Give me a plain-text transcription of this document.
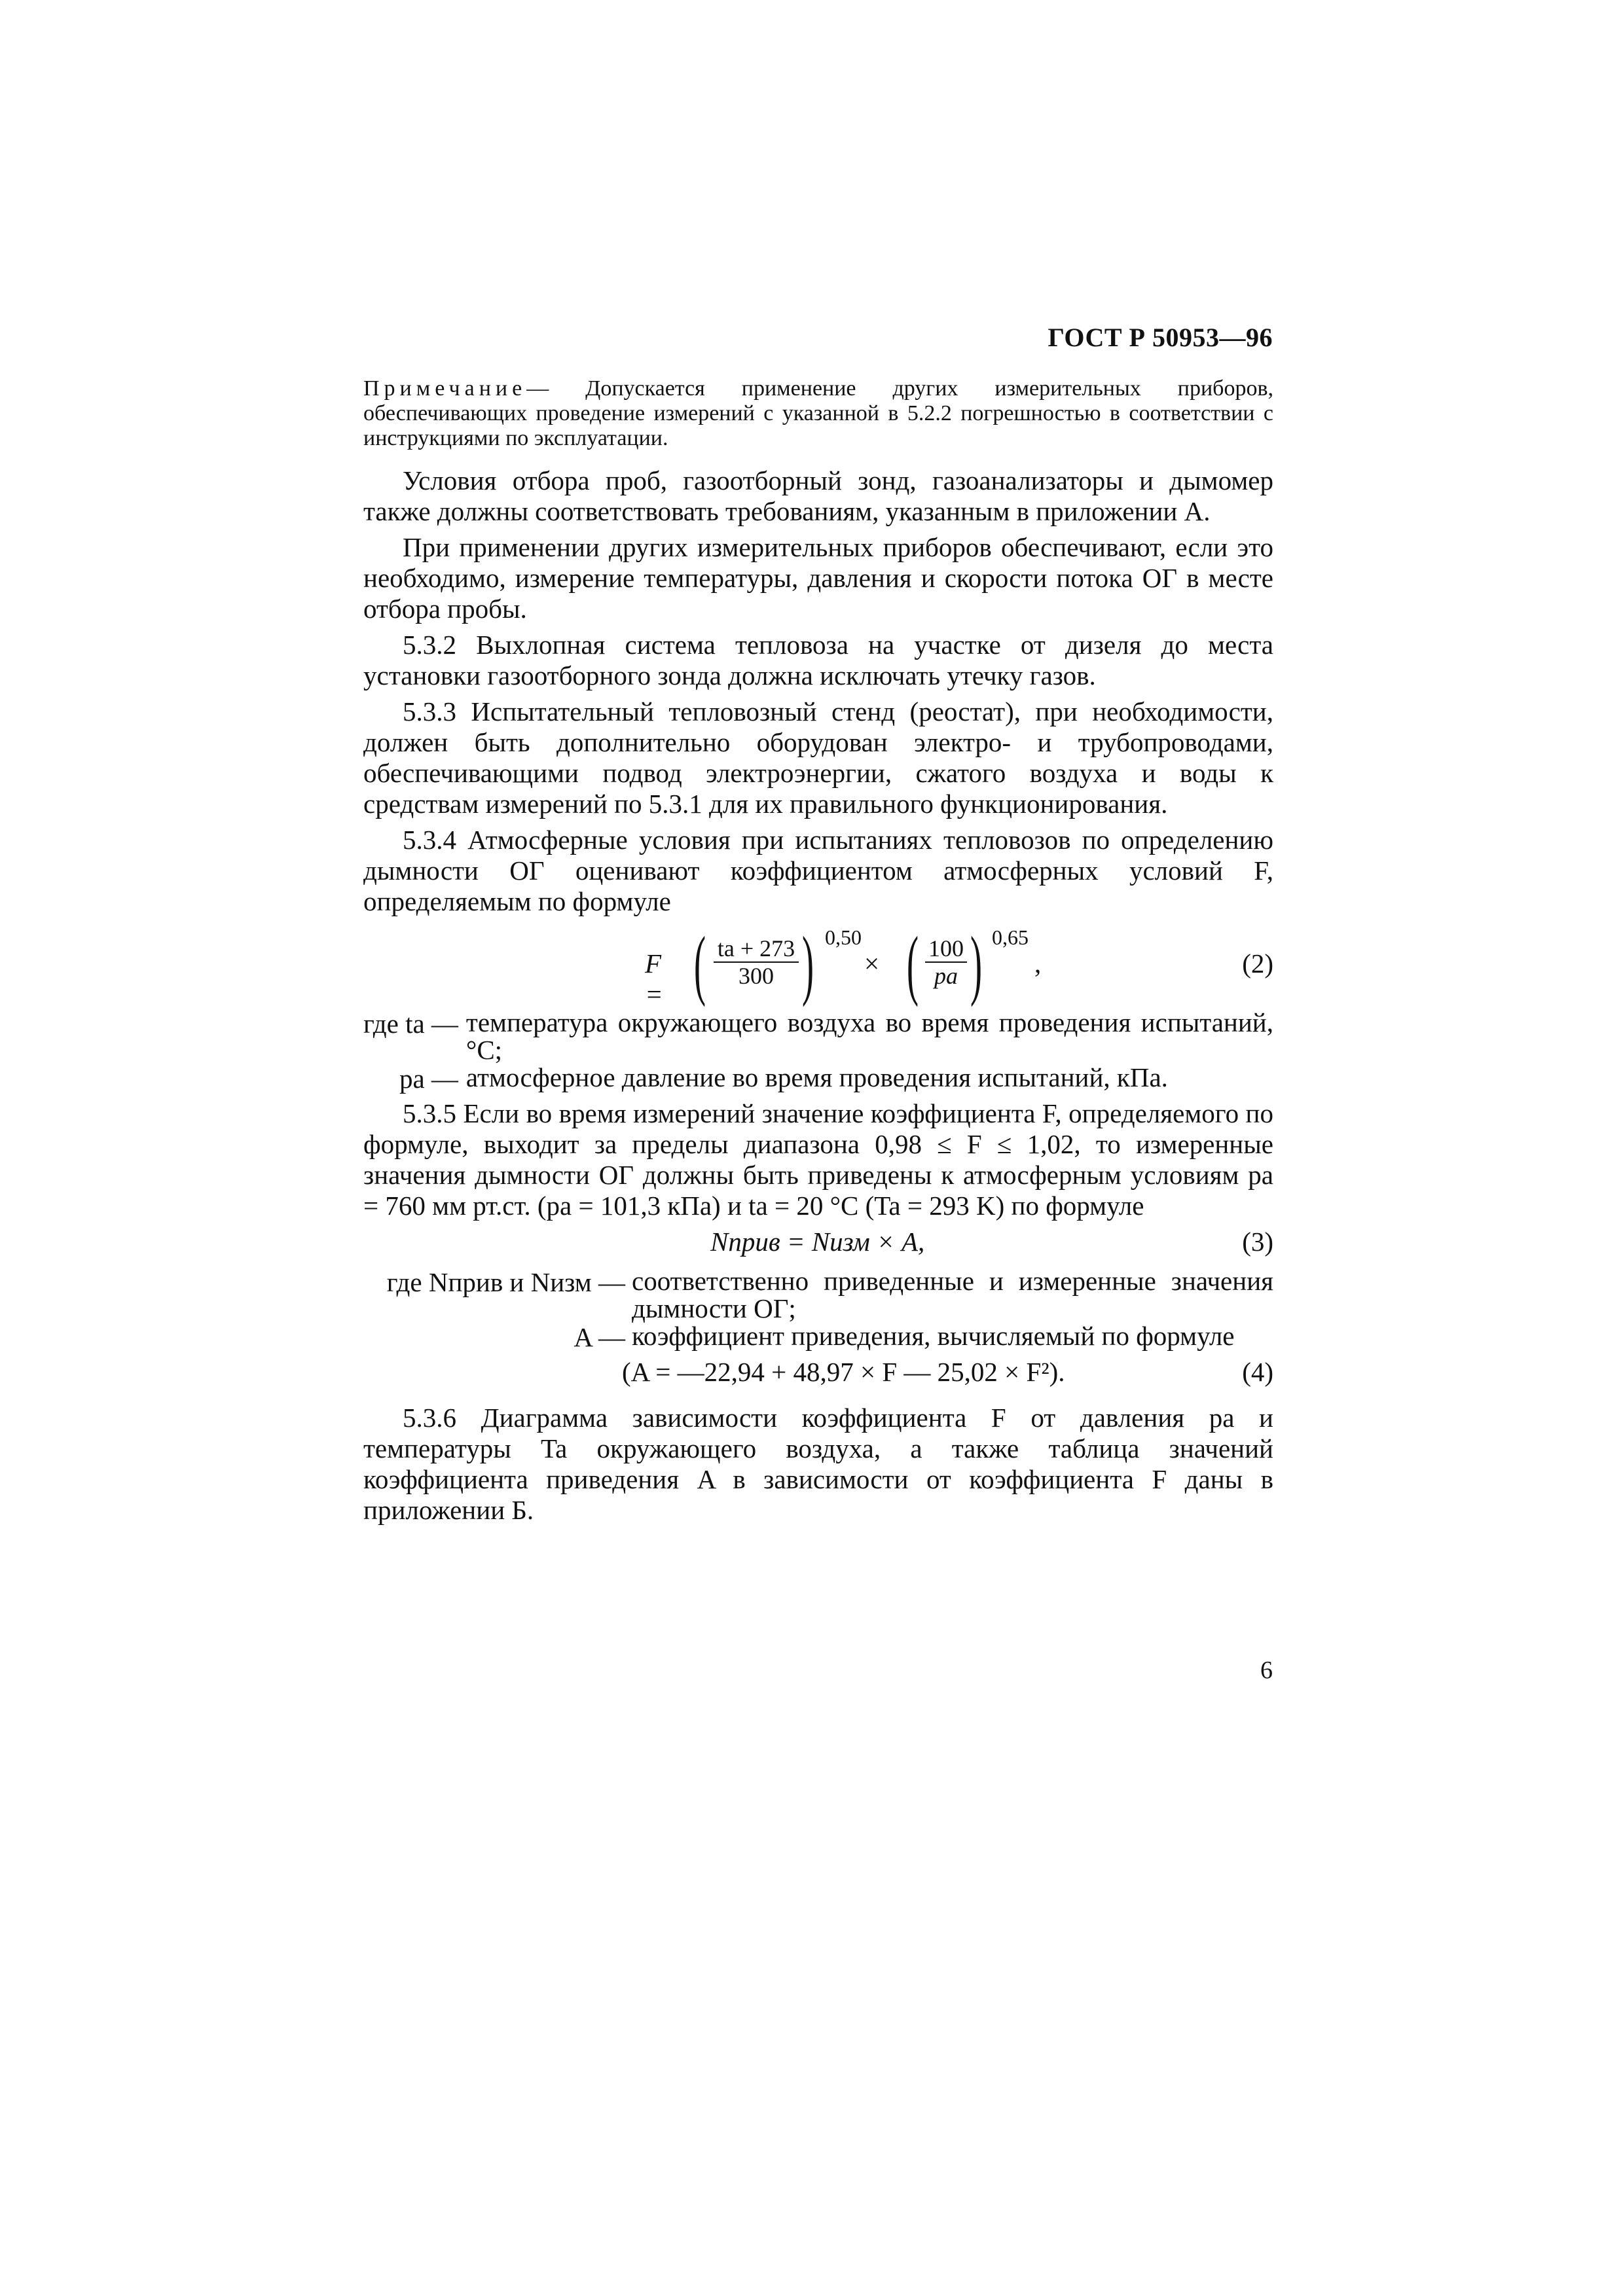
ГОСТ Р 50953—96
Примечание— Допускается применение других измерительных приборов, обеспечивающих проведение измерений с указанной в 5.2.2 погрешностью в соответствии с инструкциями по эксплуатации.

Условия отбора проб, газоотборный зонд, газоанализаторы и дымомер также должны соответствовать требованиям, указанным в приложении А.

При применении других измерительных приборов обеспечивают, если это необходимо, измерение температуры, давления и скорости потока ОГ в месте отбора пробы.

5.3.2 Выхлопная система тепловоза на участке от дизеля до места установки газоотборного зонда должна исключать утечку газов.

5.3.3 Испытательный тепловозный стенд (реостат), при необходимости, должен быть дополнительно оборудован электро- и трубопроводами, обеспечивающими подвод электроэнергии, сжатого воздуха и воды к средствам измерений по 5.3.1 для их правильного функционирования.

5.3.4 Атмосферные условия при испытаниях тепловозов по определению дымности ОГ оценивают коэффициентом атмосферных условий F, определяемым по формуле

F = ( $\frac{ta + 273}{300}$ ) 0,50
× ( $\frac{100}{pa}$ ) 0,65
,	(2)
где ta — температура окружающего воздуха во время проведения испытаний, °C;
pa — атмосферное давление во время проведения испытаний, кПа.

5.3.5 Если во время измерений значение коэффициента F, определяемого по формуле, выходит за пределы диапазона 0,98 ≤ F ≤ 1,02, то измеренные значения дымности ОГ должны быть приведены к атмосферным условиям pa = 760 мм рт.ст. (pa = 101,3 кПа) и ta = 20 °C (Ta = 293 K) по формуле

Nприв = Nизм × A,	(3)
где Nприв и Nизм — соответственно приведенные и измеренные значения дымности ОГ;
A — коэффициент приведения, вычисляемый по формуле
(A = —22,94 + 48,97 × F — 25,02 × F²).	(4)

5.3.6 Диаграмма зависимости коэффициента F от давления pa и температуры Ta окружающего воздуха, а также таблица значений коэффициента приведения A в зависимости от коэффициента F даны в приложении Б.

6
